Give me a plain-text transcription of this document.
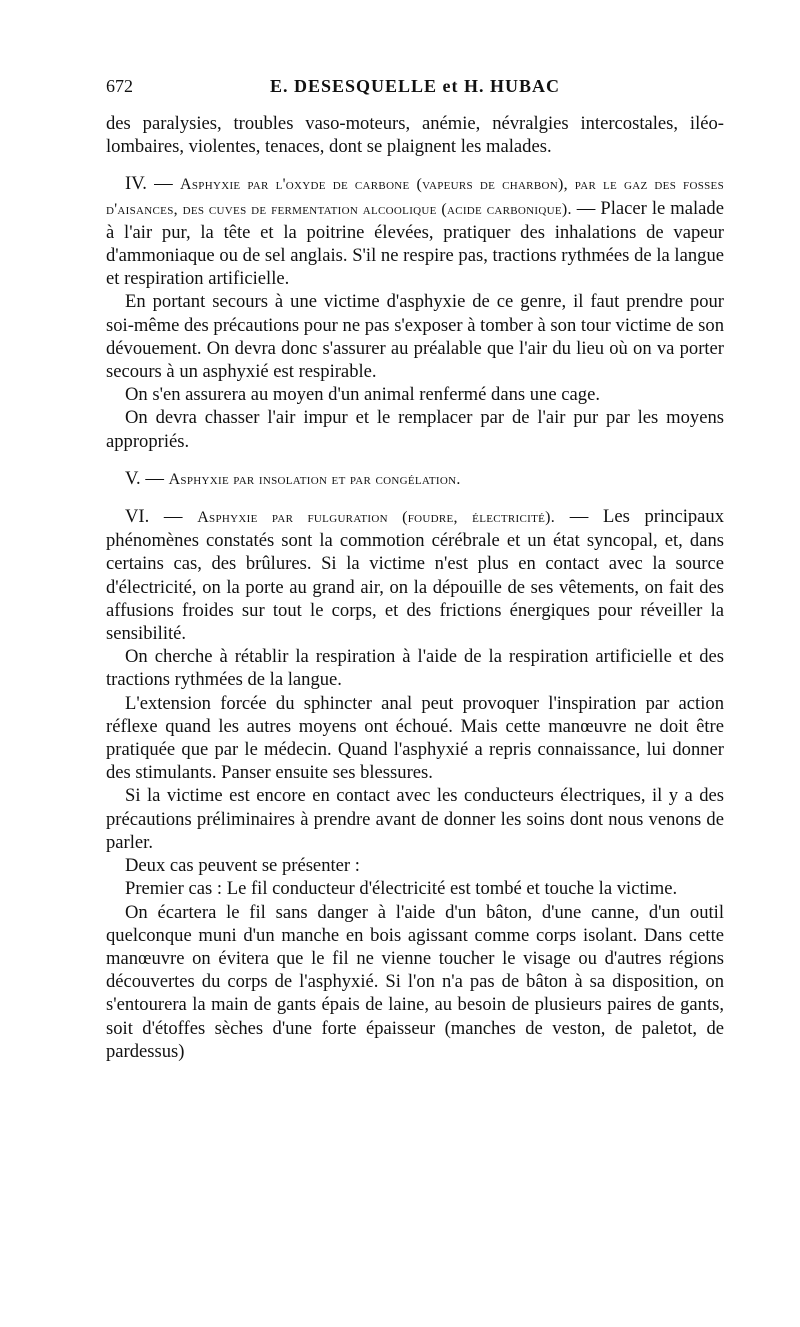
672	E. DESESQUELLE et H. HUBAC

des paralysies, troubles vaso-moteurs, anémie, névralgies intercostales, iléo-lombaires, violentes, tenaces, dont se plaignent les malades.

IV. — Asphyxie par l'oxyde de carbone (vapeurs de charbon), par le gaz des fosses d'aisances, des cuves de fermentation alcoolique (acide carbonique). — Placer le malade à l'air pur, la tête et la poitrine élevées, pratiquer des inhalations de vapeur d'ammoniaque ou de sel anglais. S'il ne respire pas, tractions rythmées de la langue et respiration artificielle.

En portant secours à une victime d'asphyxie de ce genre, il faut prendre pour soi-même des précautions pour ne pas s'exposer à tomber à son tour victime de son dévouement. On devra donc s'assurer au préalable que l'air du lieu où on va porter secours à un asphyxié est respirable.

On s'en assurera au moyen d'un animal renfermé dans une cage.

On devra chasser l'air impur et le remplacer par de l'air pur par les moyens appropriés.

V. — Asphyxie par insolation et par congélation.

VI. — Asphyxie par fulguration (foudre, électricité). — Les principaux phénomènes constatés sont la commotion cérébrale et un état syncopal, et, dans certains cas, des brûlures. Si la victime n'est plus en contact avec la source d'électricité, on la porte au grand air, on la dépouille de ses vêtements, on fait des affusions froides sur tout le corps, et des frictions énergiques pour réveiller la sensibilité.

On cherche à rétablir la respiration à l'aide de la respiration artificielle et des tractions rythmées de la langue.

L'extension forcée du sphincter anal peut provoquer l'inspiration par action réflexe quand les autres moyens ont échoué. Mais cette manœuvre ne doit être pratiquée que par le médecin. Quand l'asphyxié a repris connaissance, lui donner des stimulants. Panser ensuite ses blessures.

Si la victime est encore en contact avec les conducteurs électriques, il y a des précautions préliminaires à prendre avant de donner les soins dont nous venons de parler.

Deux cas peuvent se présenter :

Premier cas : Le fil conducteur d'électricité est tombé et touche la victime.

On écartera le fil sans danger à l'aide d'un bâton, d'une canne, d'un outil quelconque muni d'un manche en bois agissant comme corps isolant. Dans cette manœuvre on évitera que le fil ne vienne toucher le visage ou d'autres régions découvertes du corps de l'asphyxié. Si l'on n'a pas de bâton à sa disposition, on s'entourera la main de gants épais de laine, au besoin de plusieurs paires de gants, soit d'étoffes sèches d'une forte épaisseur (manches de veston, de paletot, de pardessus)
